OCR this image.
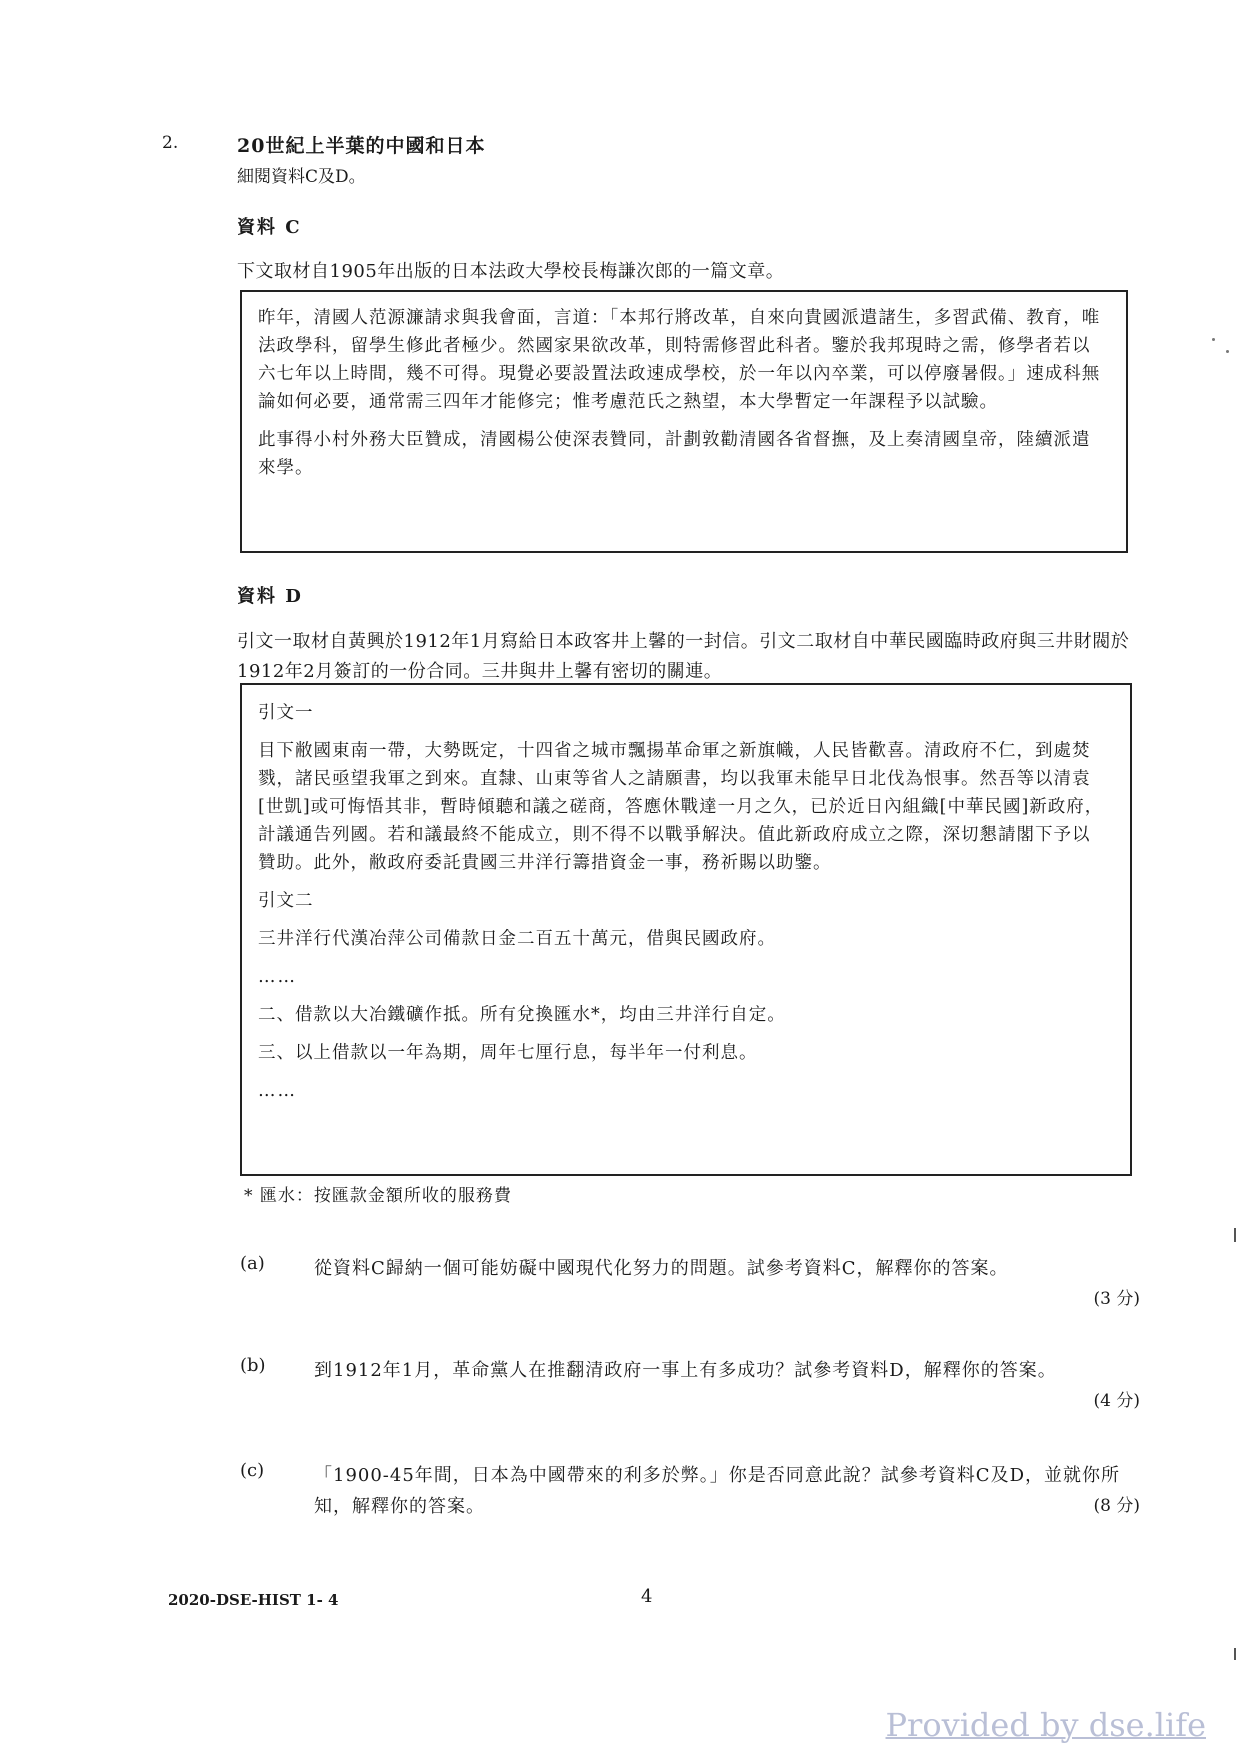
2.	20世紀上半葉的中國和日本
細閱資料C及D。
資料 C
下文取材自1905年出版的日本法政大學校長梅謙次郎的一篇文章。

昨年，清國人范源濂請求與我會面，言道：「本邦行將改革，自來向貴國派遣諸生，多習武備、教育，唯法政學科，留學生修此者極少。然國家果欲改革，則特需修習此科者。鑒於我邦現時之需，修學者若以六七年以上時間，幾不可得。現覺必要設置法政速成學校，於一年以內卒業，可以停廢暑假。」速成科無論如何必要，通常需三四年才能修完；惟考慮范氏之熱望，本大學暫定一年課程予以試驗。

此事得小村外務大臣贊成，清國楊公使深表贊同，計劃敦勸清國各省督撫，及上奏清國皇帝，陸續派遣來學。

資料 D
引文一取材自黃興於1912年1月寫給日本政客井上馨的一封信。引文二取材自中華民國臨時政府與三井財閥於1912年2月簽訂的一份合同。三井與井上馨有密切的關連。
引文一

目下敝國東南一帶，大勢既定，十四省之城市飄揚革命軍之新旗幟，人民皆歡喜。清政府不仁，到處焚戮，諸民亟望我軍之到來。直隸、山東等省人之請願書，均以我軍未能早日北伐為恨事。然吾等以清袁[世凱]或可悔悟其非，暫時傾聽和議之磋商，答應休戰達一月之久，已於近日內組織[中華民國]新政府，計議通告列國。若和議最終不能成立，則不得不以戰爭解決。值此新政府成立之際，深切懇請閣下予以贊助。此外，敝政府委託貴國三井洋行籌措資金一事，務祈賜以助鑒。

引文二
三井洋行代漢冶萍公司備款日金二百五十萬元，借與民國政府。
……
二、借款以大冶鐵礦作抵。所有兌換匯水*，均由三井洋行自定。
三、以上借款以一年為期，周年七厘行息，每半年一付利息。
……
* 匯水：按匯款金額所收的服務費
(a)	從資料C歸納一個可能妨礙中國現代化努力的問題。試參考資料C，解釋你的答案。
(3 分)
(b)	到1912年1月，革命黨人在推翻清政府一事上有多成功？試參考資料D，解釋你的答案。
(4 分)
(c)	「1900-45年間，日本為中國帶來的利多於弊。」你是否同意此說？試參考資料C及D，並就你所知，解釋你的答案。	(8 分)
2020-DSE-HIST 1- 4	4
Provided by dse.life
